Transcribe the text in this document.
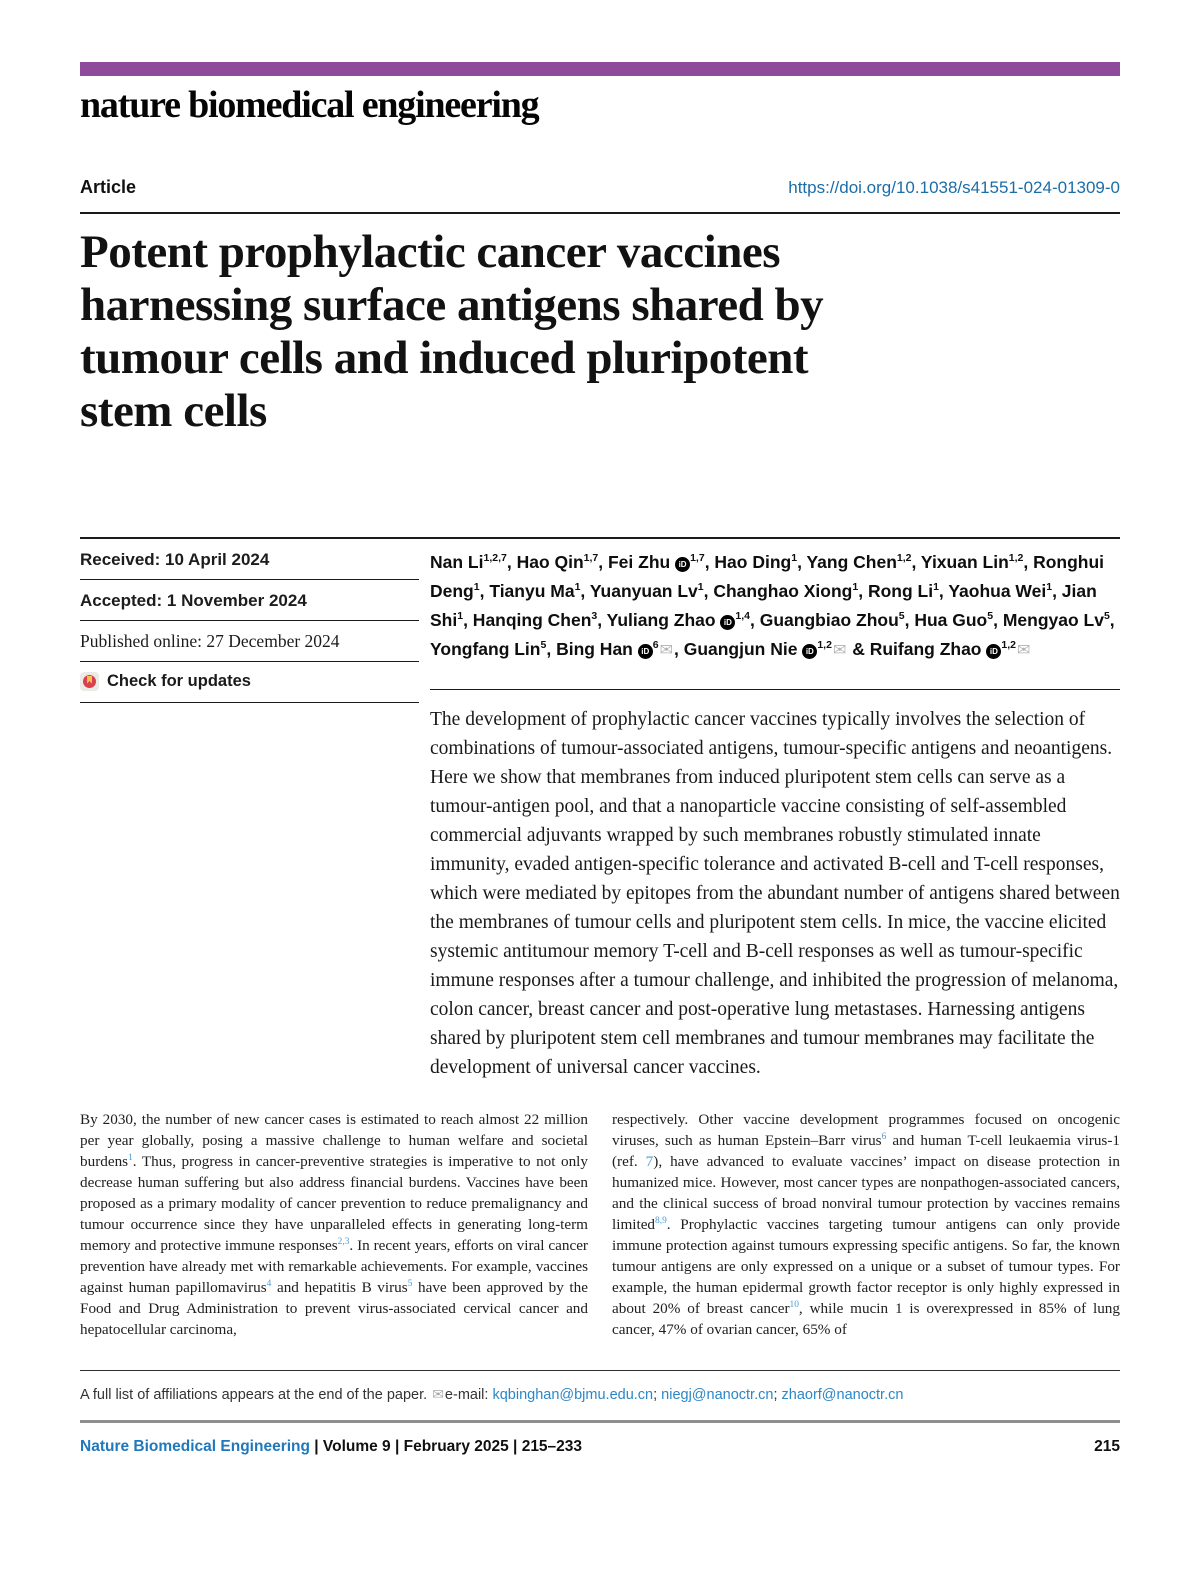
nature biomedical engineering
Article	https://doi.org/10.1038/s41551-024-01309-0
Potent prophylactic cancer vaccines
harnessing surface antigens shared by
tumour cells and induced pluripotent
stem cells
Received: 10 April 2024
Accepted: 1 November 2024
Published online: 27 December 2024
Check for updates
Nan Li$^{1,2,7}$, Hao Qin$^{1,7}$, Fei Zhu iD$^{1,7}$, Hao Ding$^1$, Yang Chen$^{1,2}$, Yixuan Lin$^{1,2}$, Ronghui Deng$^1$, Tianyu Ma$^1$, Yuanyuan Lv$^1$, Changhao Xiong$^1$, Rong Li$^1$, Yaohua Wei$^1$, Jian Shi$^1$, Hanqing Chen$^3$, Yuliang Zhao iD$^{1,4}$, Guangbiao Zhou$^5$, Hua Guo$^5$, Mengyao Lv$^5$, Yongfang Lin$^5$, Bing Han $iD^6✉$, Guangjun Nie iD$^{1,2}$✉ & Ruifang Zhao iD$^{1,2}$✉

The development of prophylactic cancer vaccines typically involves the selection of combinations of tumour-associated antigens, tumour-specific antigens and neoantigens. Here we show that membranes from induced pluripotent stem cells can serve as a tumour-antigen pool, and that a nanoparticle vaccine consisting of self-assembled commercial adjuvants wrapped by such membranes robustly stimulated innate immunity, evaded antigen-specific tolerance and activated B-cell and T-cell responses, which were mediated by epitopes from the abundant number of antigens shared between the membranes of tumour cells and pluripotent stem cells. In mice, the vaccine elicited systemic antitumour memory T-cell and B-cell responses as well as tumour-specific immune responses after a tumour challenge, and inhibited the progression of melanoma, colon cancer, breast cancer and post-operative lung metastases. Harnessing antigens shared by pluripotent stem cell membranes and tumour membranes may facilitate the development of universal cancer vaccines.

By 2030, the number of new cancer cases is estimated to reach almost 22 million per year globally, posing a massive challenge to human welfare and societal burdens$^1$. Thus, progress in cancer-preventive strategies is imperative to not only decrease human suffering but also address financial burdens. Vaccines have been proposed as a primary modality of cancer prevention to reduce premalignancy and tumour occurrence since they have unparalleled effects in generating long-term memory and protective immune responses$^{2,3}$. In recent years, efforts on viral cancer prevention have already met with remarkable achievements. For example, vaccines against human papillomavirus$^4$ and hepatitis B virus$^5$ have been approved by the Food and Drug Administration to prevent virus-associated cervical cancer and hepatocellular carcinoma,

respectively. Other vaccine development programmes focused on oncogenic viruses, such as human Epstein–Barr virus$^6$ and human T-cell leukaemia virus-1 (ref. 7), have advanced to evaluate vaccines’ impact on disease protection in humanized mice. However, most cancer types are nonpathogen-associated cancers, and the clinical success of broad nonviral tumour protection by vaccines remains limited$^{8,9}$. Prophylactic vaccines targeting tumour antigens can only provide immune protection against tumours expressing specific antigens. So far, the known tumour antigens are only expressed on a unique or a subset of tumour types. For example, the human epidermal growth factor receptor is only highly expressed in about 20% of breast cancer$^{10}$, while mucin 1 is overexpressed in 85% of lung cancer, 47% of ovarian cancer, 65% of

A full list of affiliations appears at the end of the paper. ✉e-mail: kqbinghan@bjmu.edu.cn; niegj@nanoctr.cn; zhaorf@nanoctr.cn
Nature Biomedical Engineering | Volume 9 | February 2025 | 215–233	215
